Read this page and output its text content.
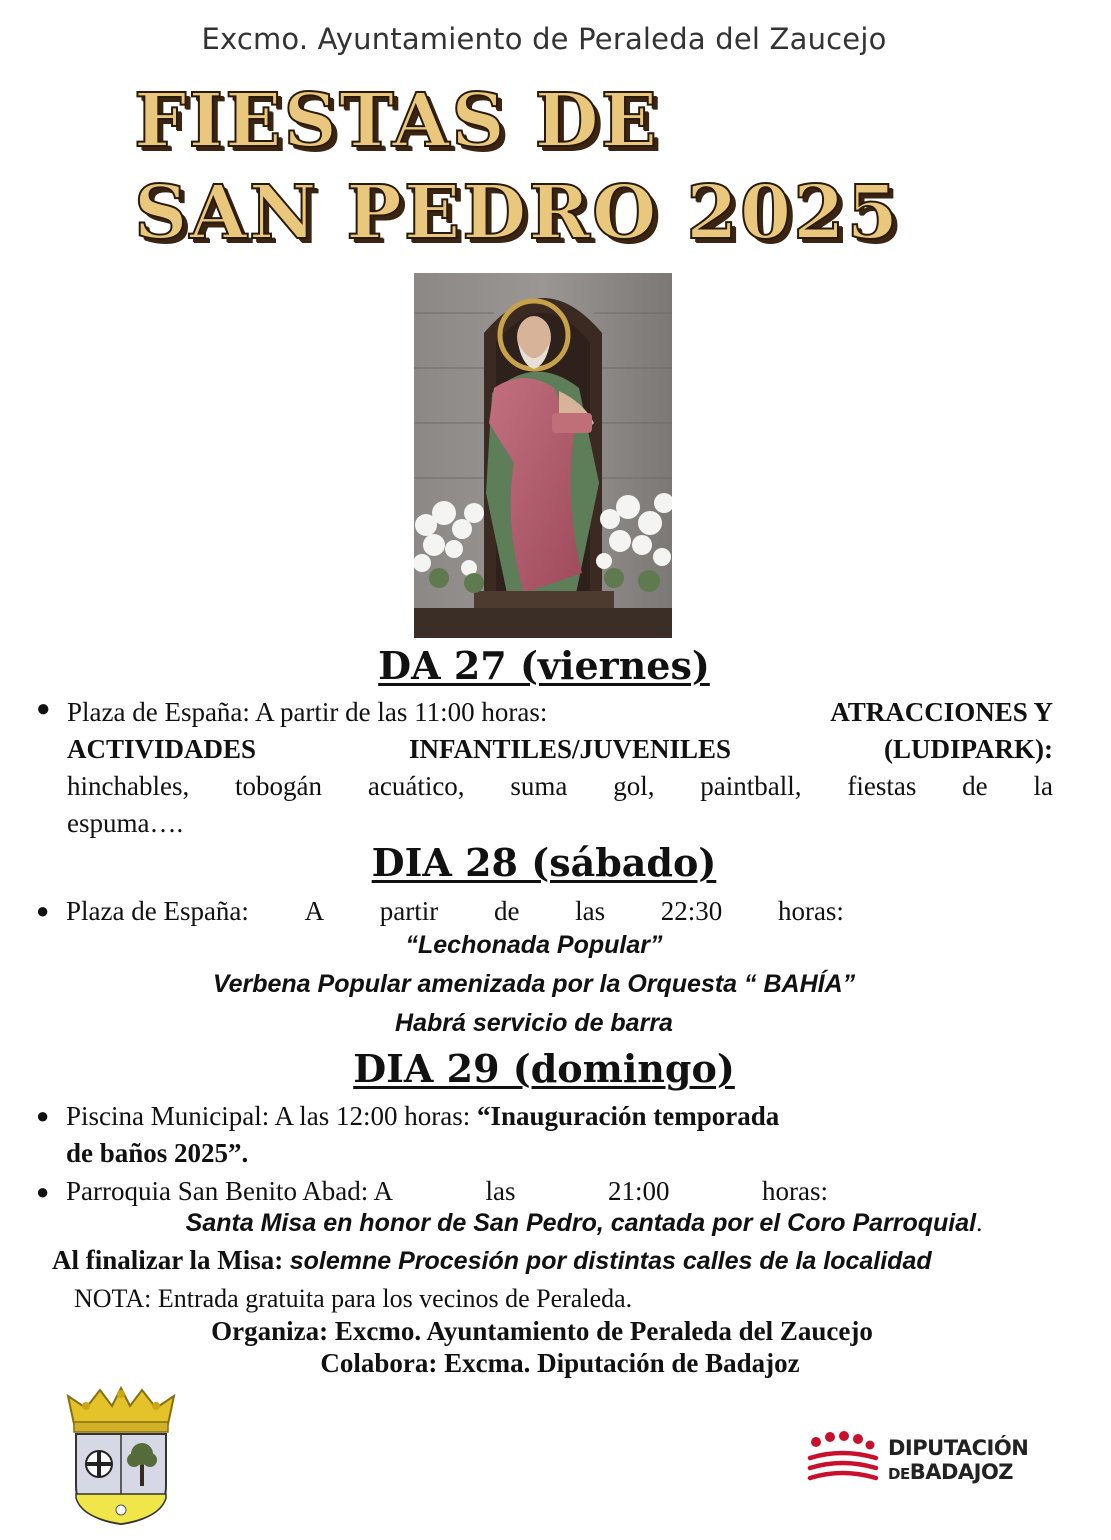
Excmo. Ayuntamiento de Peraleda del Zaucejo
FIESTAS DE
SAN PEDRO 2025
DA 27 (viernes)
● Plaza de España: A partir de las 11:00 horas:	ATRACCIONES Y
ACTIVIDADES	INFANTILES/JUVENILES	(LUDIPARK):
hinchables, tobogán acuático, suma gol, paintball, fiestas de la
espuma….
DIA 28 (sábado)
● Plaza de España: A partir de las 22:30 horas:
“Lechonada Popular”
Verbena Popular amenizada por la Orquesta “ BAHÍA”
Habrá servicio de barra
DIA 29 (domingo)
● Piscina Municipal: A las 12:00 horas: “Inauguración temporada
de baños 2025”.
● Parroquia San Benito Abad: A	las	21:00	horas:
Santa Misa en honor de San Pedro, cantada por el Coro Parroquial.
Al finalizar la Misa: solemne Procesión por distintas calles de la localidad
NOTA: Entrada gratuita para los vecinos de Peraleda.
Organiza: Excmo. Ayuntamiento de Peraleda del Zaucejo
Colabora: Excma. Diputación de Badajoz
DIPUTACIÓN
DEBADAJOZ
